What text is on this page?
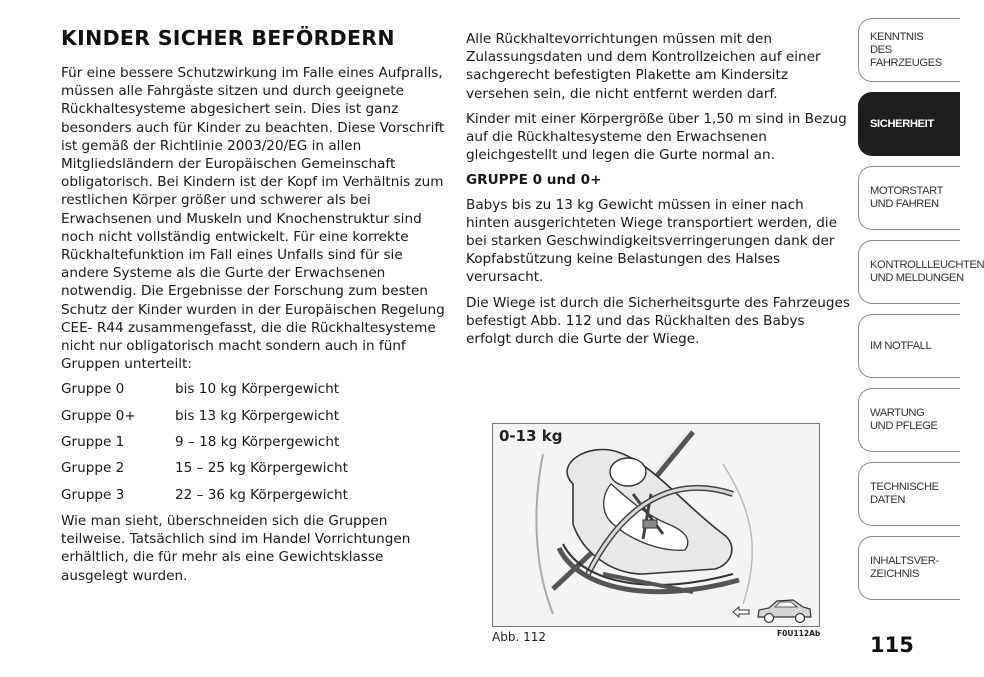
KINDER SICHER BEFÖRDERN

Für eine bessere Schutzwirkung im Falle eines Aufpralls, müssen alle Fahrgäste sitzen und durch geeignete Rückhaltesysteme abgesichert sein. Dies ist ganz besonders auch für Kinder zu beachten. Diese Vorschrift ist gemäß der Richtlinie 2003/20/EG in allen Mitgliedsländern der Europäischen Gemeinschaft obligatorisch. Bei Kindern ist der Kopf im Verhältnis zum restlichen Körper größer und schwerer als bei Erwachsenen und Muskeln und Knochenstruktur sind noch nicht vollständig entwickelt. Für eine korrekte Rückhaltefunktion im Fall eines Unfalls sind für sie andere Systeme als die Gurte der Erwachsenen notwendig. Die Ergebnisse der Forschung zum besten Schutz der Kinder wurden in der Europäischen Regelung CEE- R44 zusammengefasst, die die Rückhaltesysteme nicht nur obligatorisch macht sondern auch in fünf Gruppen unterteilt:

Gruppe 0	bis 10 kg Körpergewicht
Gruppe 0+	bis 13 kg Körpergewicht
Gruppe 1	9 – 18 kg Körpergewicht
Gruppe 2	15 – 25 kg Körpergewicht
Gruppe 3	22 – 36 kg Körpergewicht

Wie man sieht, überschneiden sich die Gruppen teilweise. Tatsächlich sind im Handel Vorrichtungen erhältlich, die für mehr als eine Gewichtsklasse ausgelegt wurden.

Alle Rückhaltevorrichtungen müssen mit den Zulassungsdaten und dem Kontrollzeichen auf einer sachgerecht befestigten Plakette am Kindersitz versehen sein, die nicht entfernt werden darf.

Kinder mit einer Körpergröße über 1,50 m sind in Bezug auf die Rückhaltesysteme den Erwachsenen gleichgestellt und legen die Gurte normal an.

GRUPPE 0 und 0+

Babys bis zu 13 kg Gewicht müssen in einer nach hinten ausgerichteten Wiege transportiert werden, die bei starken Geschwindigkeitsverringerungen dank der Kopfabstützung keine Belastungen des Halses verursacht.

Die Wiege ist durch die Sicherheitsgurte des Fahrzeuges befestigt Abb. 112 und das Rückhalten des Babys erfolgt durch die Gurte der Wiege.

0-13 kg
Abb. 112	F0U112Ab
KENNTNIS
DES FAHRZEUGES
SICHERHEIT
MOTORSTART
UND FAHREN
KONTROLLLEUCHTEN
UND MELDUNGEN
IM NOTFALL
WARTUNG
UND PFLEGE
TECHNISCHE
DATEN
INHALTSVER-
ZEICHNIS
115
